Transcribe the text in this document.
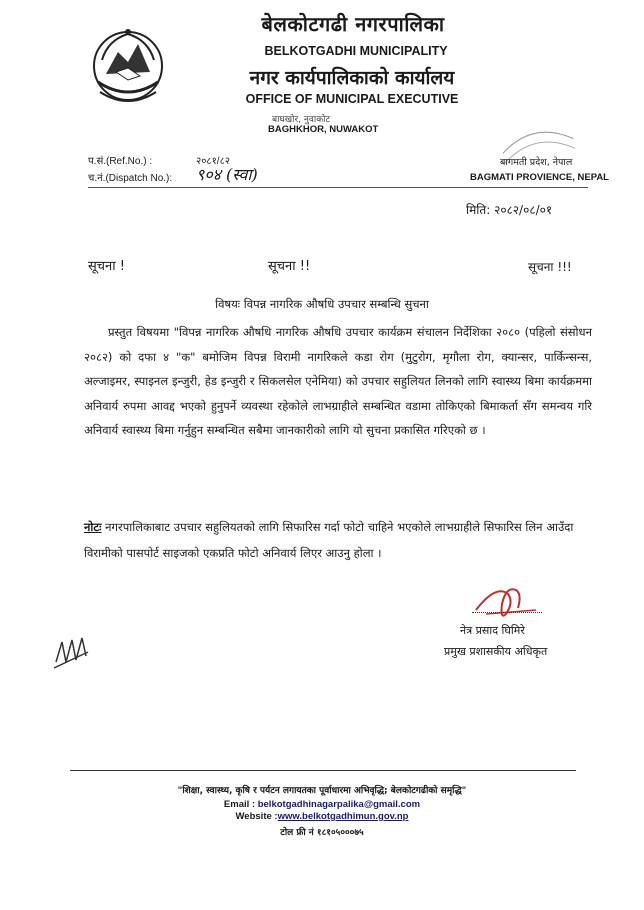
बेलकोटगढी नगरपालिका
BELKOTGADHI MUNICIPALITY
नगर कार्यपालिकाको कार्यालय
OFFICE OF MUNICIPAL EXECUTIVE
बाघखोर, नुवाकोट
BAGHKHOR, NUWAKOT
प.सं.(Ref.No.) :	२०८१/८२
च.नं.(Dispatch No.): ९०४ (स्वा)
बागमती प्रदेश, नेपाल
BAGMATI PROVIENCE, NEPAL
मिति: २०८२/०८/०१
सूचना !	सूचना !!	सूचना !!!
विषयः विपन्न नागरिक औषधि उपचार सम्बन्धि सुचना
प्रस्तुत विषयमा "विपन्न नागरिक औषधि नागरिक औषधि उपचार कार्यक्रम संचालन निर्देशिका २०८० (पहिलो संसोधन २०८२) को दफा ४ "क" बमोजिम विपन्न विरामी नागरिकले कडा रोग (मुटुरोग, मृगौला रोग, क्यान्सर, पार्किन्सन्स, अल्जाइमर, स्पाइनल इन्जुरी, हेड इन्जुरी र सिकलसेल एनेमिया) को उपचार सहुलियत लिनको लागि स्वास्थ्य बिमा कार्यक्रममा अनिवार्य रुपमा आवद्द भएको हुनुपर्ने व्यवस्था रहेकोले लाभग्राहीले सम्बन्धित वडामा तोकिएको बिमाकर्ता सँग समन्वय गरि अनिवार्य स्वास्थ्य बिमा गर्नुहुन सम्बन्धित सबैमा जानकारीको लागि यो सुचना प्रकासित गरिएको छ ।
नोटः नगरपालिकाबाट उपचार सहुलियतको लागि सिफारिस गर्दा फोटो चाहिने भएकोले लाभग्राहीले सिफारिस लिन आउँदा विरामीको पासपोर्ट साइजको एकप्रति फोटो अनिवार्य लिएर आउनु होला ।
नेत्र प्रसाद घिमिरे
प्रमुख प्रशासकीय अधिकृत
"शिक्षा, स्वास्थ्य, कृषि र पर्यटन लगायतका पूर्वाधारमा अभिवृद्धि; बेलकोटगढीको समृद्धि"
Email : belkotgadhinagarpalika@gmail.com
Website :www.belkotgadhimun.gov.np
टोल फ्री नं १८१०५०००७५
